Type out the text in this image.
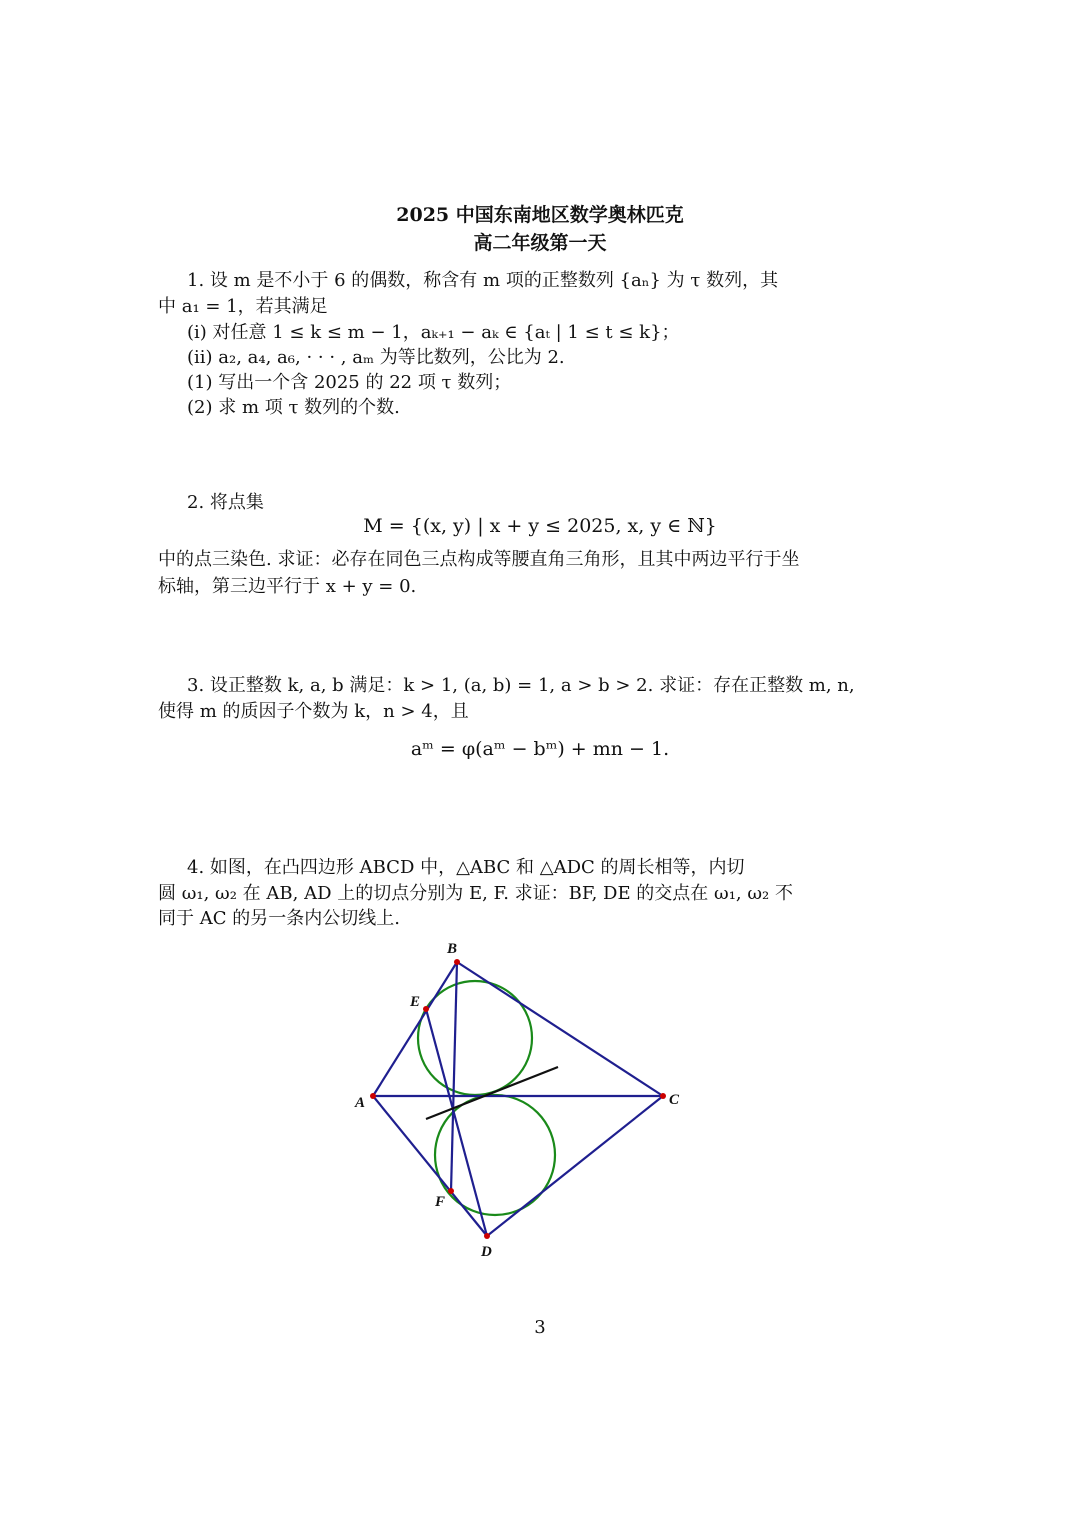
2025 中国东南地区数学奥林匹克
高二年级第一天
1. 设 m 是不小于 6 的偶数，称含有 m 项的正整数列 {aₙ} 为 τ 数列，其
中 a₁ = 1，若其满足
(i) 对任意 1 ≤ k ≤ m − 1，aₖ₊₁ − aₖ ∈ {aₜ | 1 ≤ t ≤ k}；
(ii) a₂, a₄, a₆, · · · , aₘ 为等比数列，公比为 2.
(1) 写出一个含 2025 的 22 项 τ 数列；
(2) 求 m 项 τ 数列的个数.
2. 将点集
M = {(x, y) | x + y ≤ 2025, x, y ∈ ℕ}
中的点三染色. 求证：必存在同色三点构成等腰直角三角形，且其中两边平行于坐
标轴，第三边平行于 x + y = 0.
3. 设正整数 k, a, b 满足：k > 1, (a, b) = 1, a > b > 2. 求证：存在正整数 m, n,
使得 m 的质因子个数为 k，n > 4，且
aᵐ = φ(aᵐ − bᵐ) + mn − 1.
4. 如图，在凸四边形 ABCD 中，△ABC 和 △ADC 的周长相等，内切
圆 ω₁, ω₂ 在 AB, AD 上的切点分别为 E, F. 求证：BF, DE 的交点在 ω₁, ω₂ 不
同于 AC 的另一条内公切线上.
A
B
C
D
E
F
3
